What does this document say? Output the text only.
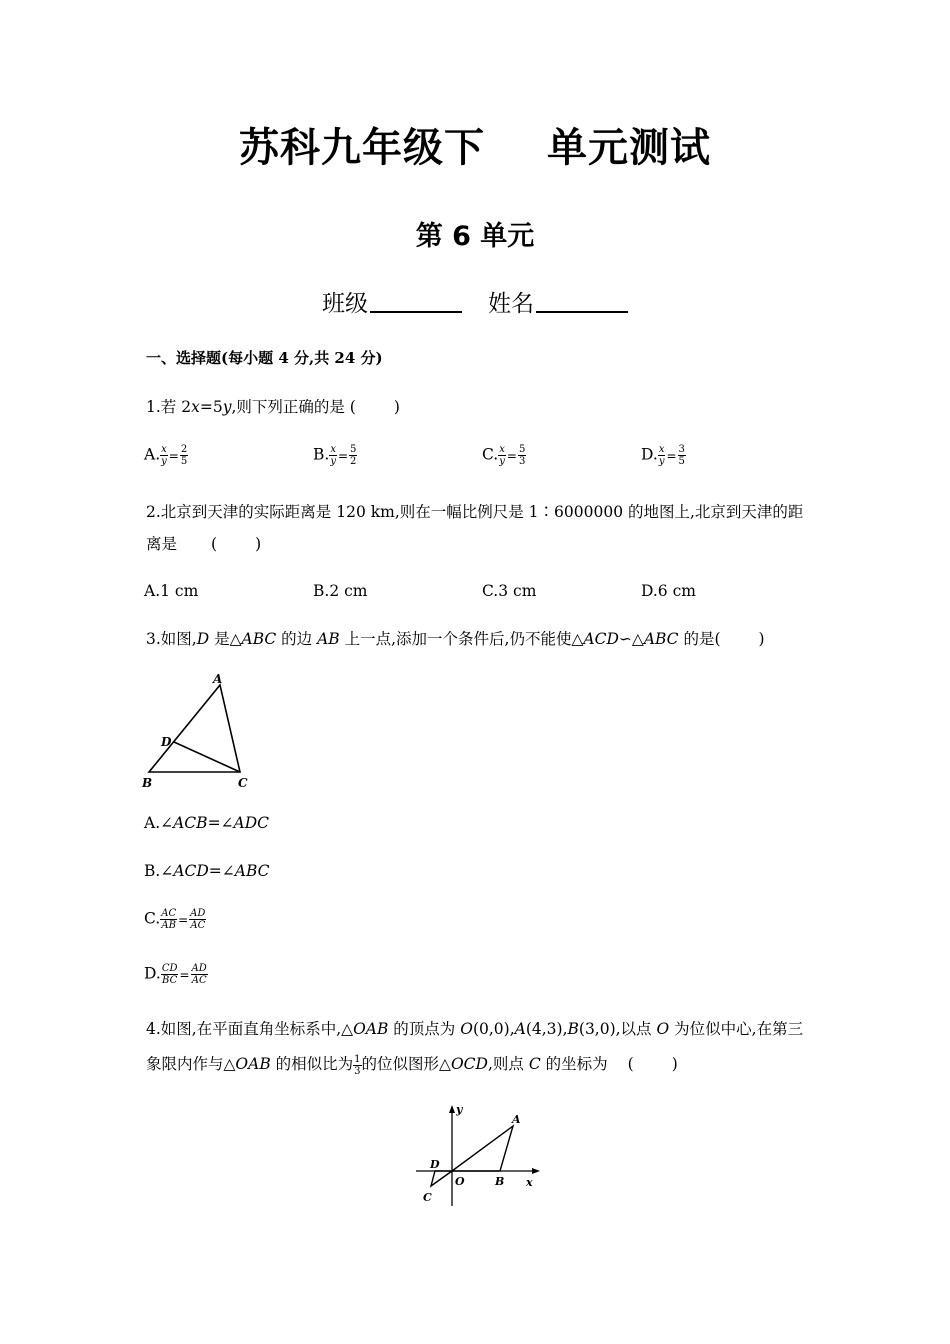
苏科九年级下 单元测试
第 6 单元
班级	姓名
一、选择题(每小题 4 分,共 24 分)
1.若 2x=5y,则下列正确的是 ( )
A. $\frac{x}{y} = \frac{2}{5}$	B. $\frac{x}{y} = \frac{5}{2}$	C. $\frac{x}{y} = \frac{5}{3}$	D. $\frac{x}{y} = \frac{3}{5}$
2.北京到天津的实际距离是 120 km,则在一幅比例尺是 1∶6000000 的地图上,北京到天津的距
离是 ( )
A.1 cm	B.2 cm	C.3 cm	D.6 cm
3.如图,D 是△ABC 的边 AB 上一点,添加一个条件后,仍不能使△ACD∽△ABC 的是( )
A
D
B	C
A.∠ACB=∠ADC
B.∠ACD=∠ABC
C. $\frac{AC}{AB} = \frac{AD}{AC}$
D. $\frac{CD}{BC} = \frac{AD}{AC}$
4.如图,在平面直角坐标系中,△OAB 的顶点为 O(0,0),A(4,3),B(3,0),以点 O 为位似中心,在第三
象限内作与△OAB 的相似比为 $\frac{1}{3}$ 的位似图形△OCD,则点 C 的坐标为 ( )
y
x
A
B
O
D
C
